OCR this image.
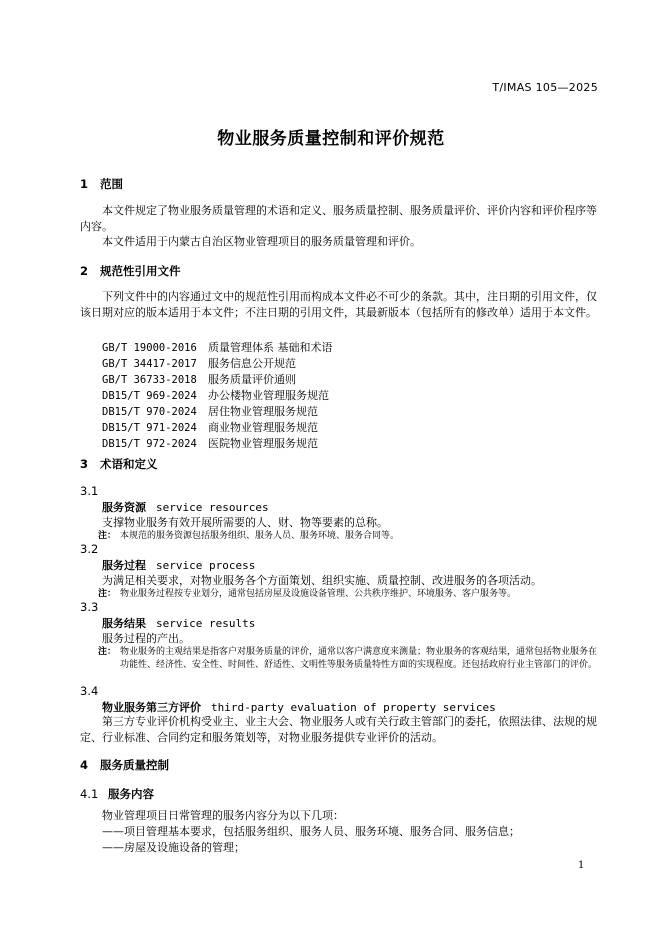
T/IMAS 105—2025
物业服务质量控制和评价规范
1 范围
本文件规定了物业服务质量管理的术语和定义、服务质量控制、服务质量评价、评价内容和评价程序等内容。
本文件适用于内蒙古自治区物业管理项目的服务质量管理和评价。
2 规范性引用文件
下列文件中的内容通过文中的规范性引用而构成本文件必不可少的条款。其中，注日期的引用文件，仅该日期对应的版本适用于本文件；不注日期的引用文件，其最新版本（包括所有的修改单）适用于本文件。
GB/T 19000-2016 质量管理体系 基础和术语
GB/T 34417-2017 服务信息公开规范
GB/T 36733-2018 服务质量评价通则
DB15/T 969-2024 办公楼物业管理服务规范
DB15/T 970-2024 居住物业管理服务规范
DB15/T 971-2024 商业物业管理服务规范
DB15/T 972-2024 医院物业管理服务规范
3 术语和定义
3.1
服务资源 service resources
支撑物业服务有效开展所需要的人、财、物等要素的总称。
注： 本规范的服务资源包括服务组织、服务人员、服务环境、服务合同等。
3.2
服务过程 service process
为满足相关要求，对物业服务各个方面策划、组织实施、质量控制、改进服务的各项活动。
注： 物业服务过程按专业划分，通常包括房屋及设施设备管理、公共秩序维护、环境服务、客户服务等。
3.3
服务结果 service results
服务过程的产出。
注： 物业服务的主观结果是指客户对服务质量的评价，通常以客户满意度来测量；物业服务的客观结果，通常包括物业服务在功能性、经济性、安全性、时间性、舒适性、文明性等服务质量特性方面的实现程度。还包括政府行业主管部门的评价。
3.4
物业服务第三方评价 third-party evaluation of property services
第三方专业评价机构受业主、业主大会、物业服务人或有关行政主管部门的委托，依照法律、法规的规定、行业标准、合同约定和服务策划等，对物业服务提供专业评价的活动。
4 服务质量控制
4.1 服务内容
物业管理项目日常管理的服务内容分为以下几项：
——项目管理基本要求，包括服务组织、服务人员、服务环境、服务合同、服务信息；
——房屋及设施设备的管理；
1
